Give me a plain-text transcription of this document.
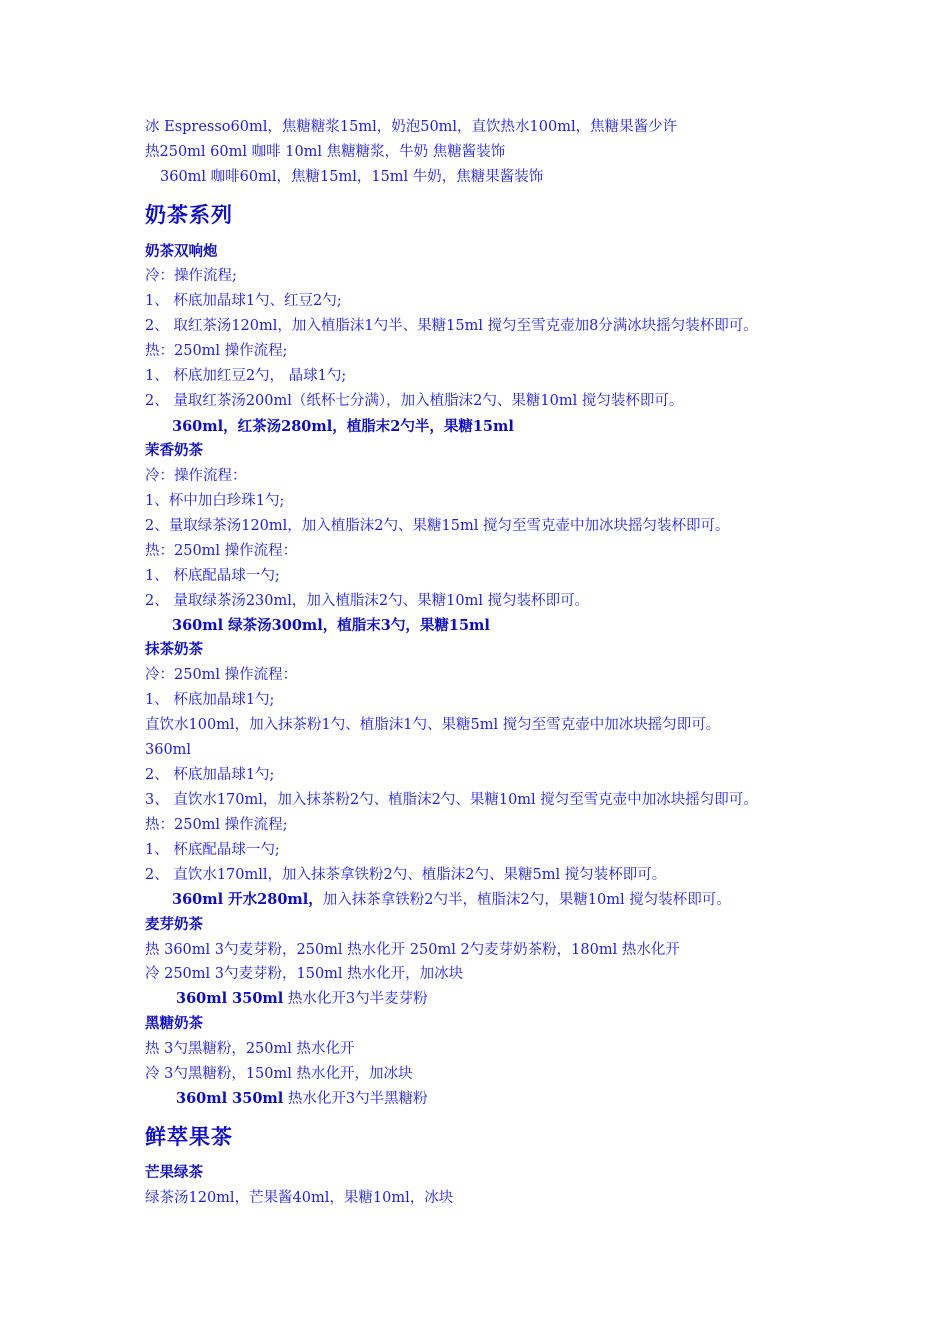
冰 Espresso60ml，焦糖糖浆15ml，奶泡50ml，直饮热水100ml，焦糖果酱少许
热250ml 60ml 咖啡 10ml 焦糖糖浆，牛奶 焦糖酱装饰
360ml 咖啡60ml，焦糖15ml，15ml 牛奶，焦糖果酱装饰
奶茶系列
奶茶双响炮
冷：操作流程;
1、 杯底加晶球1勺、红豆2勺;
2、 取红茶汤120ml，加入植脂沫1勺半、果糖15ml 搅匀至雪克壶加8分满冰块摇匀装杯即可。
热：250ml 操作流程;
1、 杯底加红豆2勺， 晶球1勺;
2、 量取红茶汤200ml（纸杯七分满），加入植脂沫2勺、果糖10ml 搅匀装杯即可。
360ml，红茶汤280ml，植脂末2勺半，果糖15ml
茉香奶茶
冷：操作流程：
1、杯中加白珍珠1勺;
2、量取绿茶汤120ml，加入植脂沫2勺、果糖15ml 搅匀至雪克壶中加冰块摇匀装杯即可。
热：250ml 操作流程：
1、 杯底配晶球一勺;
2、 量取绿茶汤230ml，加入植脂沫2勺、果糖10ml 搅匀装杯即可。
360ml 绿茶汤300ml，植脂末3勺，果糖15ml
抹茶奶茶
冷：250ml 操作流程：
1、 杯底加晶球1勺;
直饮水100ml，加入抹茶粉1勺、植脂沫1勺、果糖5ml 搅匀至雪克壶中加冰块摇匀即可。
360ml
2、 杯底加晶球1勺;
3、 直饮水170ml，加入抹茶粉2勺、植脂沫2勺、果糖10ml 搅匀至雪克壶中加冰块摇匀即可。
热：250ml 操作流程;
1、 杯底配晶球一勺;
2、 直饮水170mll，加入抹茶拿铁粉2勺、植脂沫2勺、果糖5ml 搅匀装杯即可。
360ml 开水280ml，加入抹茶拿铁粉2勺半，植脂沫2勺，果糖10ml 搅匀装杯即可。
麦芽奶茶
热 360ml 3勺麦芽粉，250ml 热水化开 250ml 2勺麦芽奶茶粉，180ml 热水化开
冷 250ml 3勺麦芽粉，150ml 热水化开，加冰块
360ml 350ml 热水化开3勺半麦芽粉
黑糖奶茶
热 3勺黑糖粉，250ml 热水化开
冷 3勺黑糖粉，150ml 热水化开，加冰块
360ml 350ml 热水化开3勺半黑糖粉
鲜萃果茶
芒果绿茶
绿茶汤120ml，芒果酱40ml，果糖10ml，冰块
